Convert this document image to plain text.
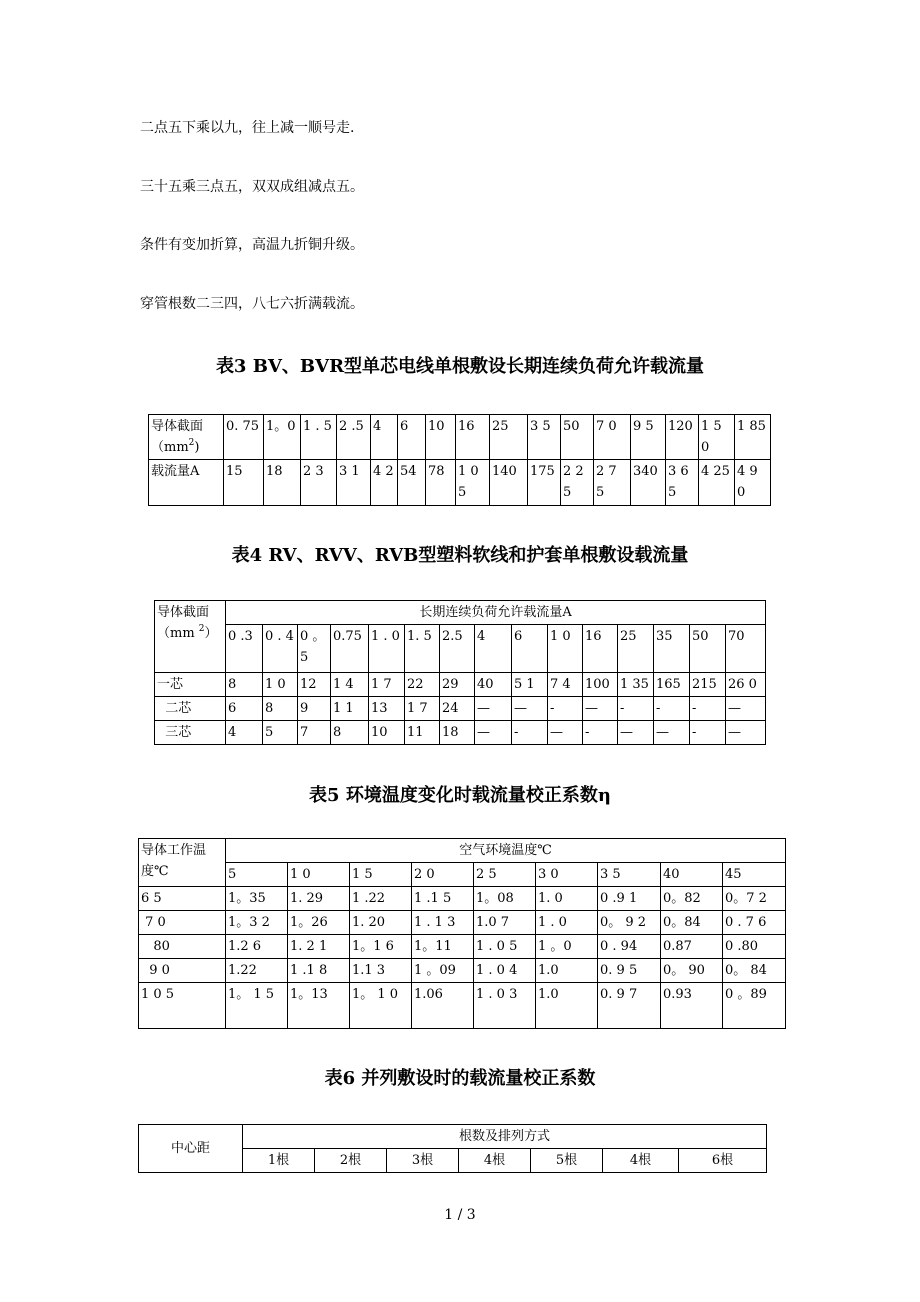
二点五下乘以九，往上减一顺号走.
三十五乘三点五，双双成组减点五。
条件有变加折算，高温九折铜升级。
穿管根数二三四，八七六折满载流。
表3 BV、BVR型单芯电线单根敷设长期连续负荷允许载流量
导体截面
$(mm^2)$	0. 75	1。0	1 . 5	2 .5	4	6	10	16	25	3 5	50	7 0	9 5	120	1 5 0	1 85
载流量A	15	18	2 3	3 1	4 2	54	78	1 0 5	140	175	2 2 5	2 7 5	340	3 6 5	4 25	4 9 0
表4 RV、RVV、RVB型塑料软线和护套单根敷设载流量
导体截面
（mm $^2$）	长期连续负荷允许载流量A														
	0 .3	0 . 4	0 。5	0.75	1 . 0	1. 5	2.5	4	6	1 0	16	25	35	50	70
一芯	8	1 0	12	1 4	1 7	22	29	40	5 1	7 4	100	1 35	165	215	26 0
二芯	6	8	9	1 1	13	1 7	24	—	—	-	—	-	-	-	—
三芯	4	5	7	8	10	11	18	—	-	—	-	—	—	-	—
表5 环境温度变化时载流量校正系数η
导体工作温度℃	空气环境温度℃								
	5	1 0	1 5	2 0	2 5	3 0	3 5	40	45
6 5	1。35	1. 29	1 .22	1 .1 5	1。08	1. 0	0 .9 1	0。82	0。7 2
7 0	1。3 2	1。26	1. 20	1 . 1 3	1.0 7	1 . 0	0。 9 2	0。84	0 . 7 6
80	1.2 6	1. 2 1	1。1 6	1。11	1 . 0 5	1 。0	0 . 94	0.87	0 .80
9 0	1.22	1 .1 8	1.1 3	1 。09	1 . 0 4	1.0	0. 9 5	0。 90	0。 84
1 0 5	1。 1 5	1。13	1。 1 0	1.06	1 . 0 3	1.0	0. 9 7	0.93	0 。89
表6 并列敷设时的载流量校正系数
中心距	根数及排列方式						
	1根	2根	3根	4根	5根	4根	6根
1 / 3
